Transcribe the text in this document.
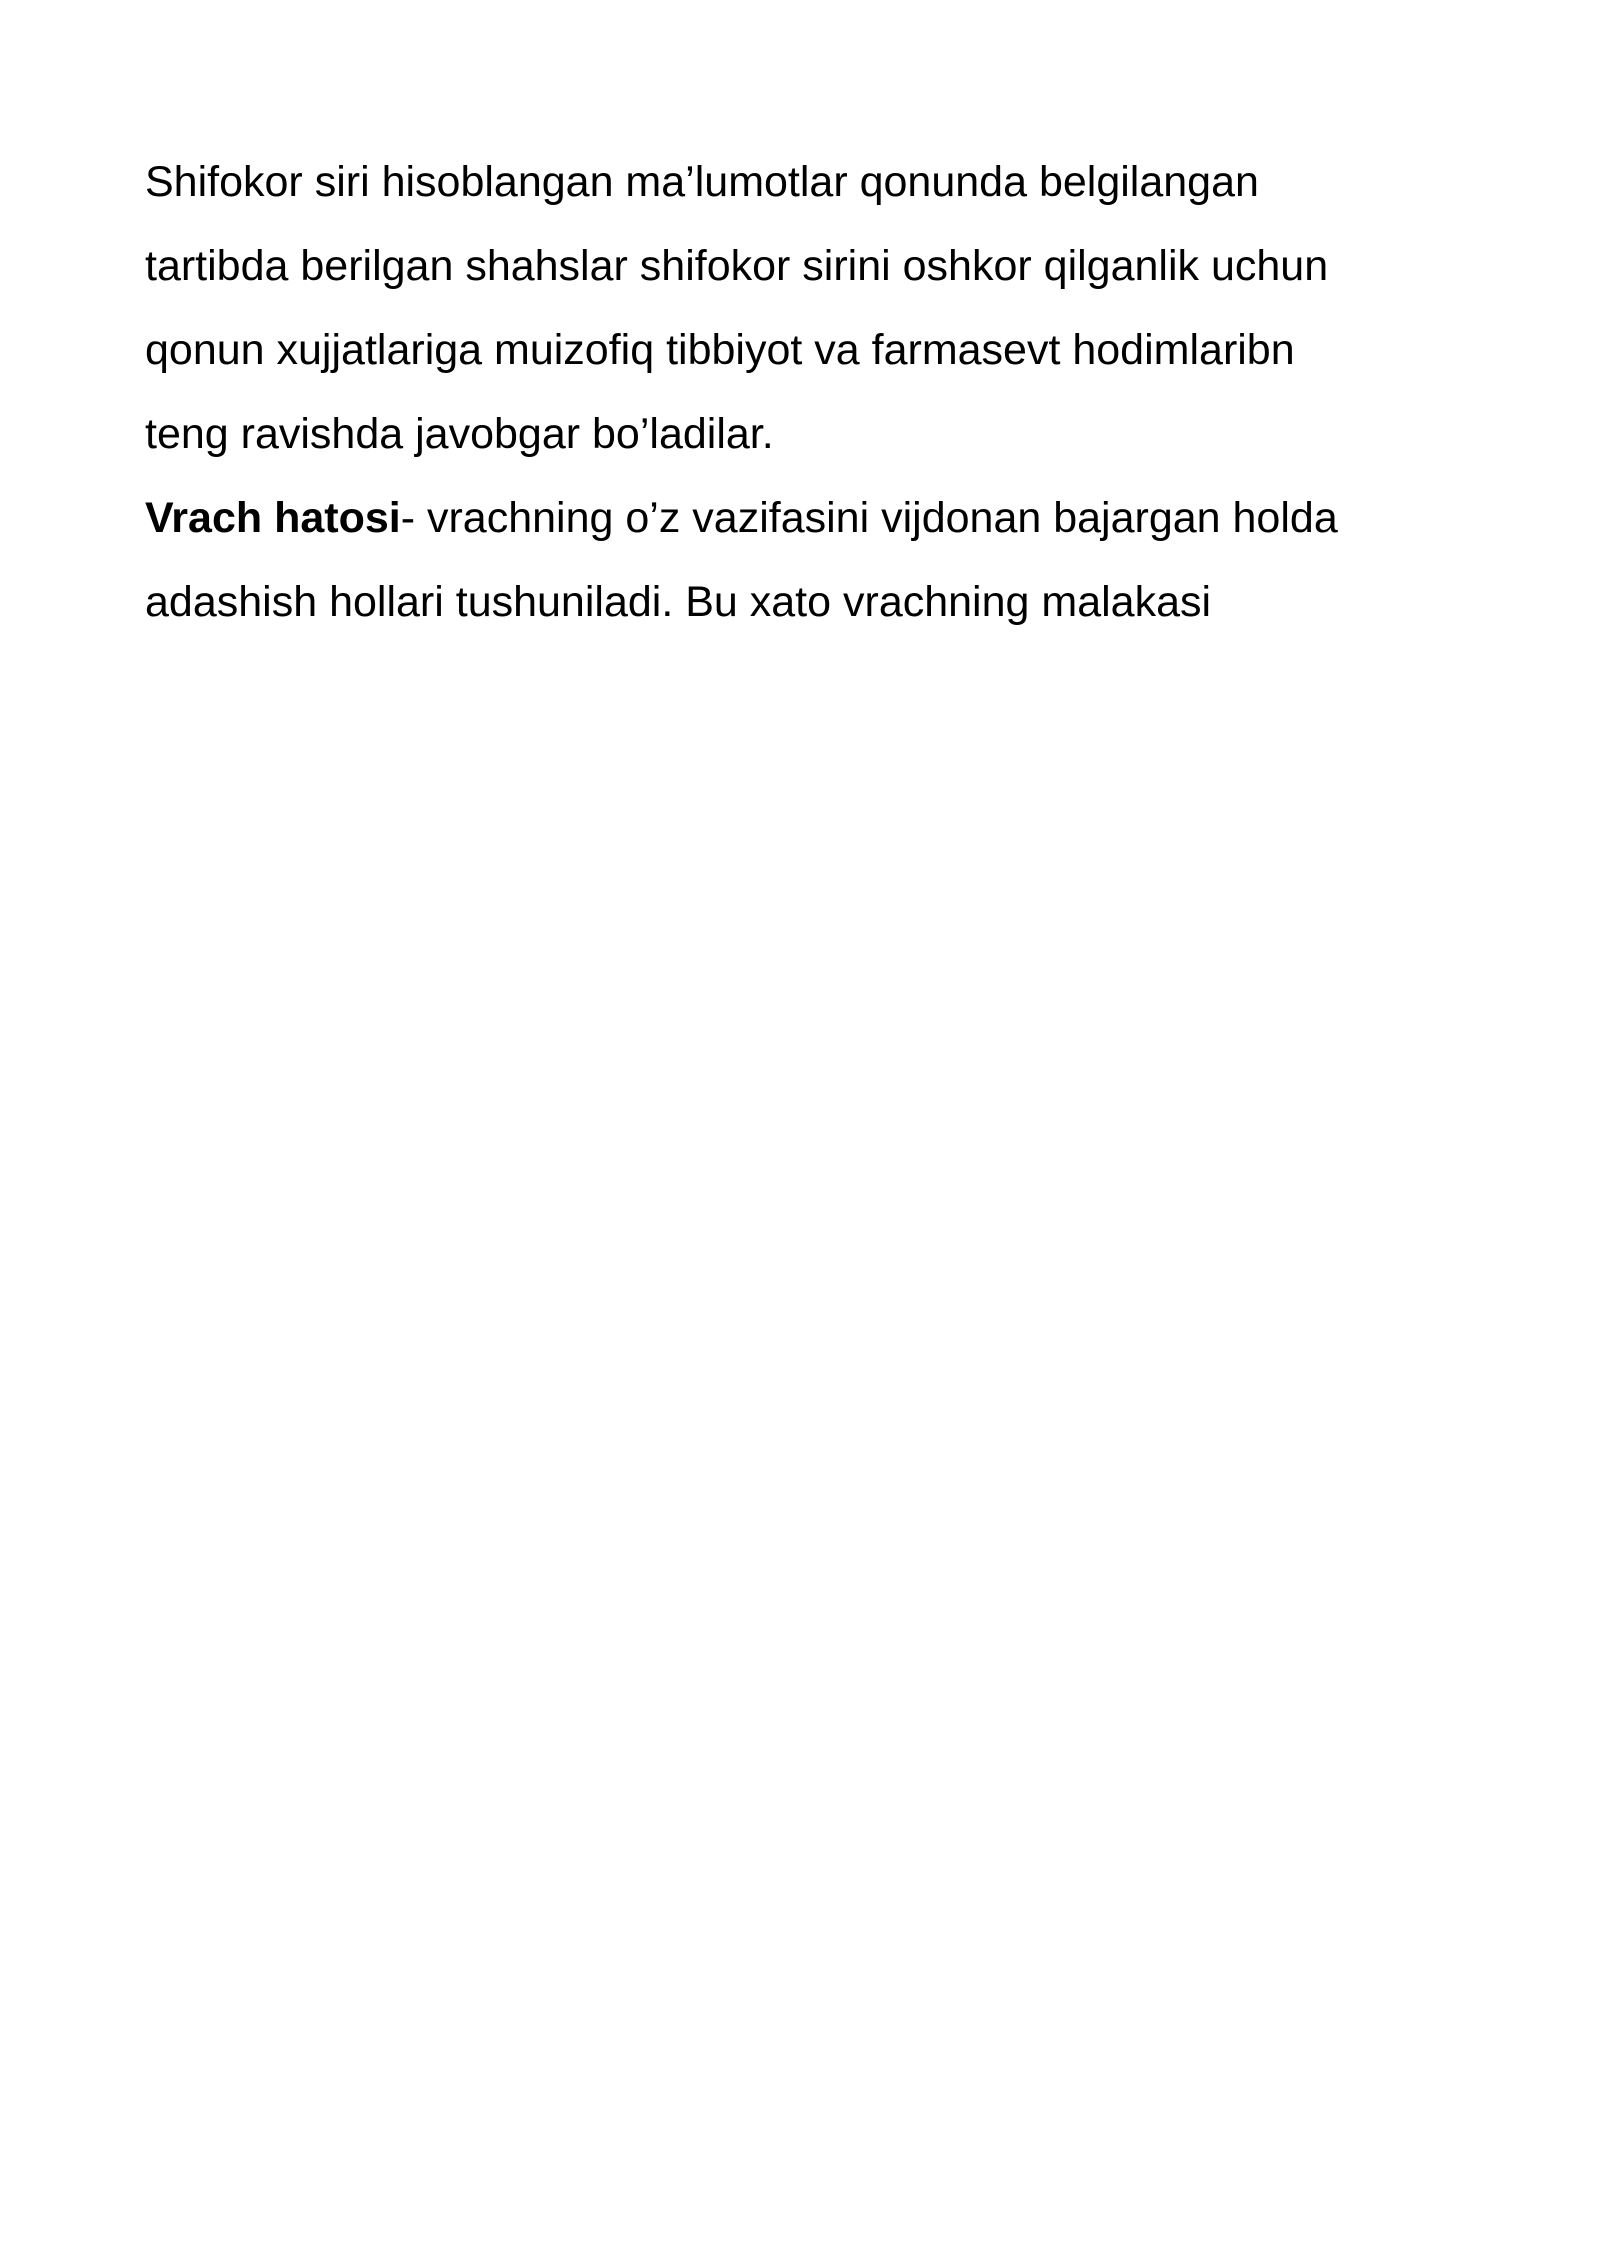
Shifokor siri hisoblangan ma’lumotlar qonunda belgilangan
tartibda berilgan shahslar shifokor sirini oshkor qilganlik uchun
qonun xujjatlariga muizofiq tibbiyot va farmasevt hodimlaribn
teng ravishda javobgar bo’ladilar.
Vrach hatosi- vrachning o’z vazifasini vijdonan bajargan holda
adashish hollari tushuniladi. Bu xato vrachning malakasi
